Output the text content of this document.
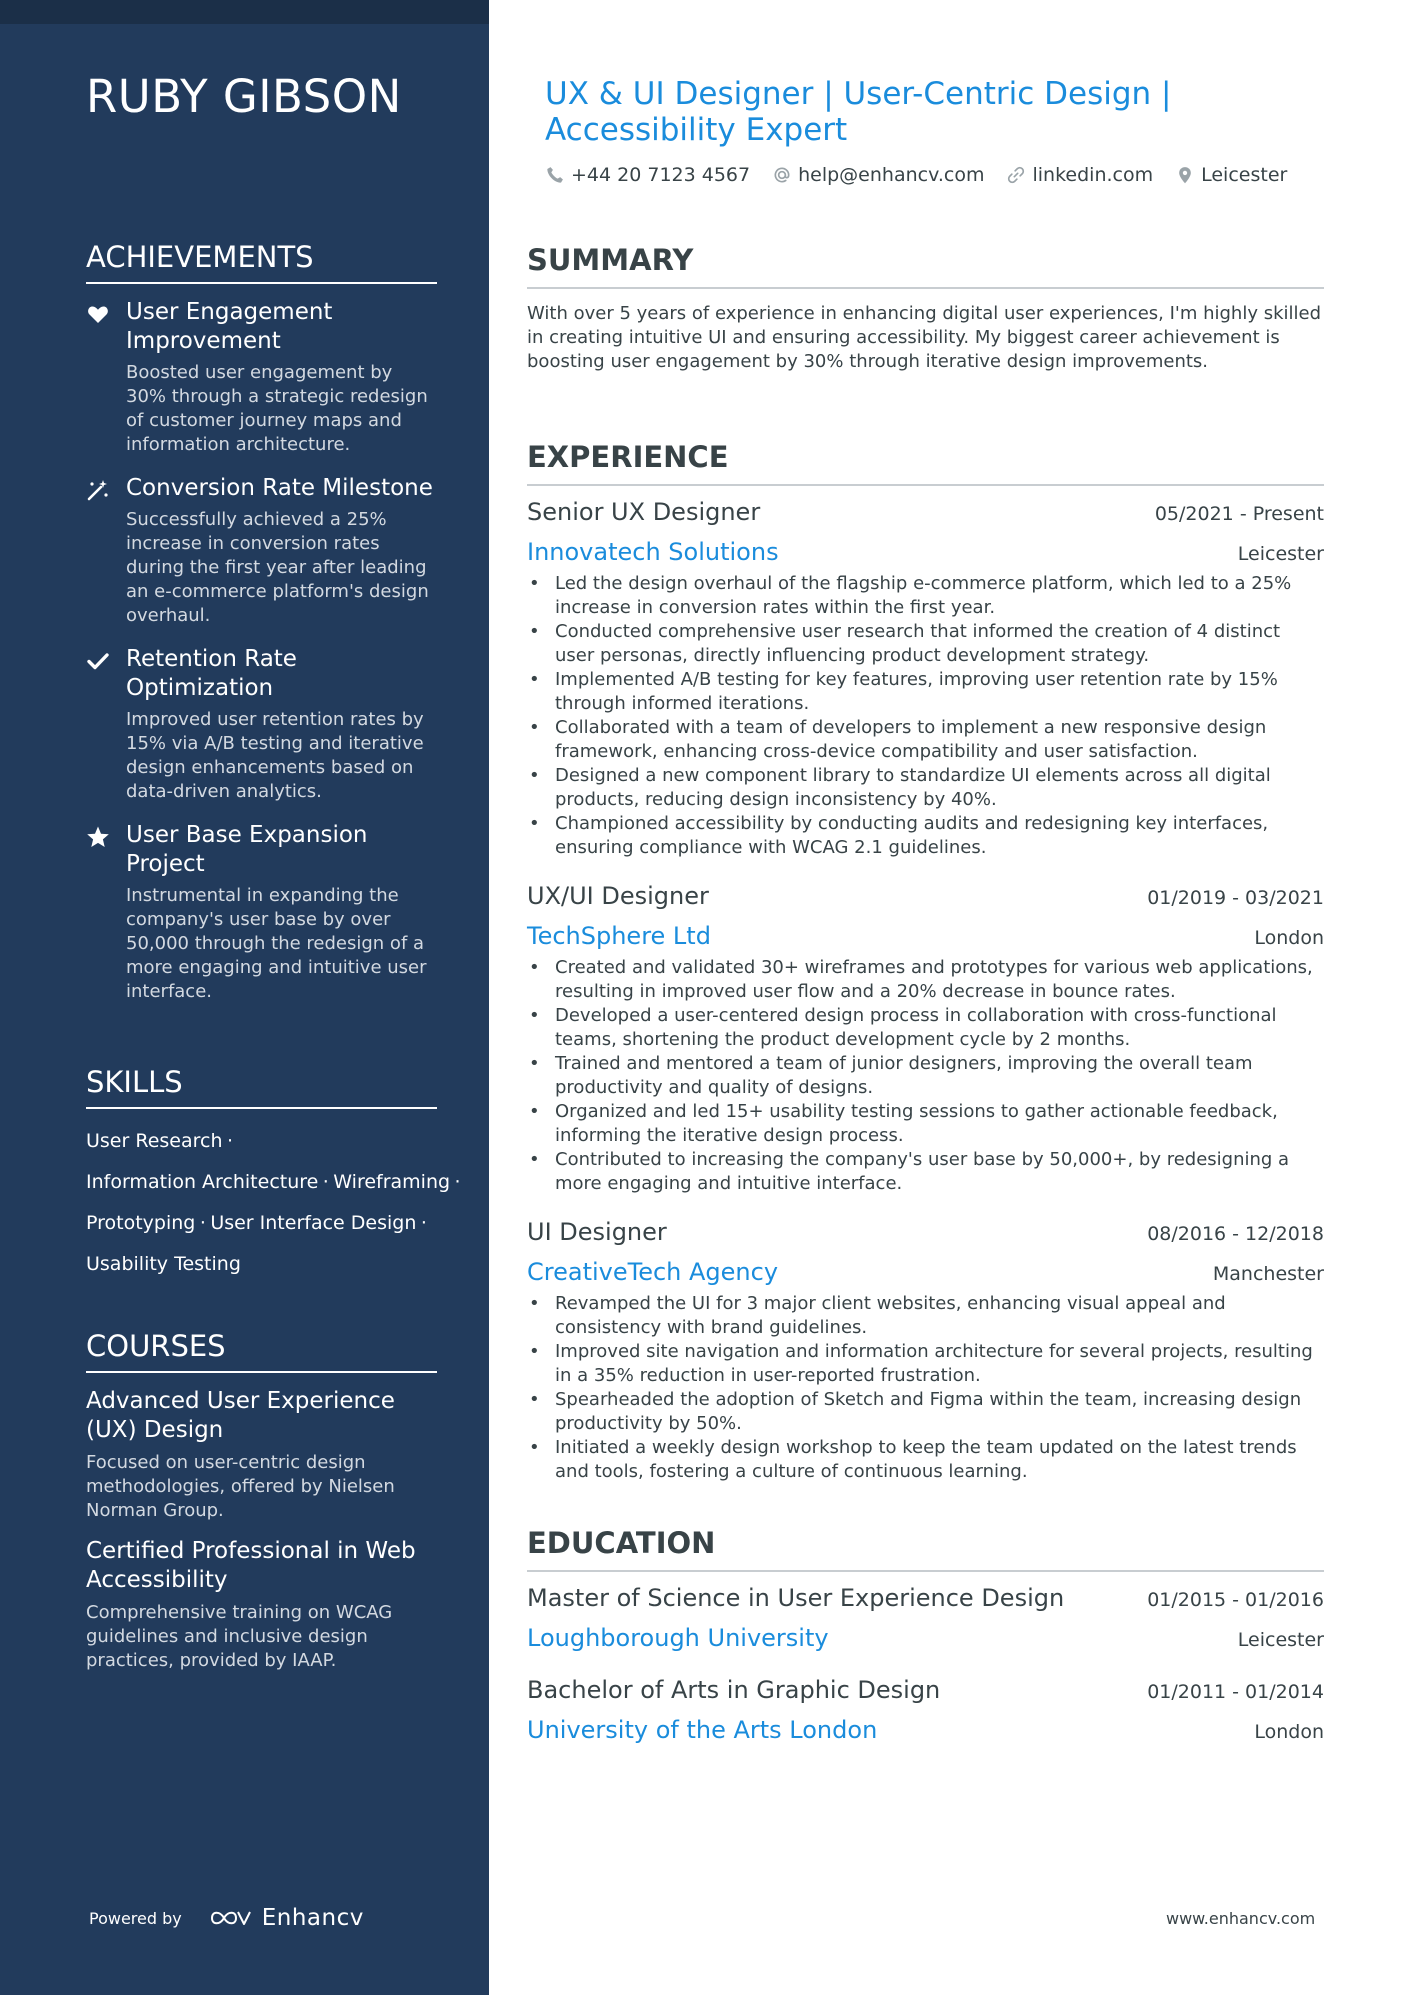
RUBY GIBSON
ACHIEVEMENTS
User Engagement Improvement
Boosted user engagement by 30% through a strategic redesign of customer journey maps and information architecture.
Conversion Rate Milestone
Successfully achieved a 25% increase in conversion rates during the first year after leading an e-commerce platform's design overhaul.
Retention Rate Optimization
Improved user retention rates by 15% via A/B testing and iterative design enhancements based on data-driven analytics.
User Base Expansion Project
Instrumental in expanding the company's user base by over 50,000 through the redesign of a more engaging and intuitive user interface.
SKILLS
User Research ·
Information Architecture · Wireframing ·
Prototyping · User Interface Design ·
Usability Testing
COURSES
Advanced User Experience (UX) Design
Focused on user-centric design methodologies, offered by Nielsen Norman Group.
Certified Professional in Web Accessibility
Comprehensive training on WCAG guidelines and inclusive design practices, provided by IAAP.
Powered by	Enhancv
UX & UI Designer | User-Centric Design | Accessibility Expert
+44 20 7123 4567	help@enhancv.com	linkedin.com	Leicester
SUMMARY

With over 5 years of experience in enhancing digital user experiences, I'm highly skilled in creating intuitive UI and ensuring accessibility. My biggest career achievement is boosting user engagement by 30% through iterative design improvements.

EXPERIENCE
Senior UX Designer	05/2021 - Present
Innovatech Solutions	Leicester
• Led the design overhaul of the flagship e-commerce platform, which led to a 25% increase in conversion rates within the first year.
• Conducted comprehensive user research that informed the creation of 4 distinct user personas, directly influencing product development strategy.
• Implemented A/B testing for key features, improving user retention rate by 15% through informed iterations.
• Collaborated with a team of developers to implement a new responsive design framework, enhancing cross-device compatibility and user satisfaction.
• Designed a new component library to standardize UI elements across all digital products, reducing design inconsistency by 40%.
• Championed accessibility by conducting audits and redesigning key interfaces, ensuring compliance with WCAG 2.1 guidelines.
UX/UI Designer	01/2019 - 03/2021
TechSphere Ltd	London
• Created and validated 30+ wireframes and prototypes for various web applications, resulting in improved user flow and a 20% decrease in bounce rates.
• Developed a user-centered design process in collaboration with cross-functional teams, shortening the product development cycle by 2 months.
• Trained and mentored a team of junior designers, improving the overall team productivity and quality of designs.
• Organized and led 15+ usability testing sessions to gather actionable feedback, informing the iterative design process.
• Contributed to increasing the company's user base by 50,000+, by redesigning a more engaging and intuitive interface.
UI Designer	08/2016 - 12/2018
CreativeTech Agency	Manchester
• Revamped the UI for 3 major client websites, enhancing visual appeal and consistency with brand guidelines.
• Improved site navigation and information architecture for several projects, resulting in a 35% reduction in user-reported frustration.
• Spearheaded the adoption of Sketch and Figma within the team, increasing design productivity by 50%.
• Initiated a weekly design workshop to keep the team updated on the latest trends and tools, fostering a culture of continuous learning.
EDUCATION
Master of Science in User Experience Design	01/2015 - 01/2016
Loughborough University	Leicester
Bachelor of Arts in Graphic Design	01/2011 - 01/2014
University of the Arts London	London
www.enhancv.com
